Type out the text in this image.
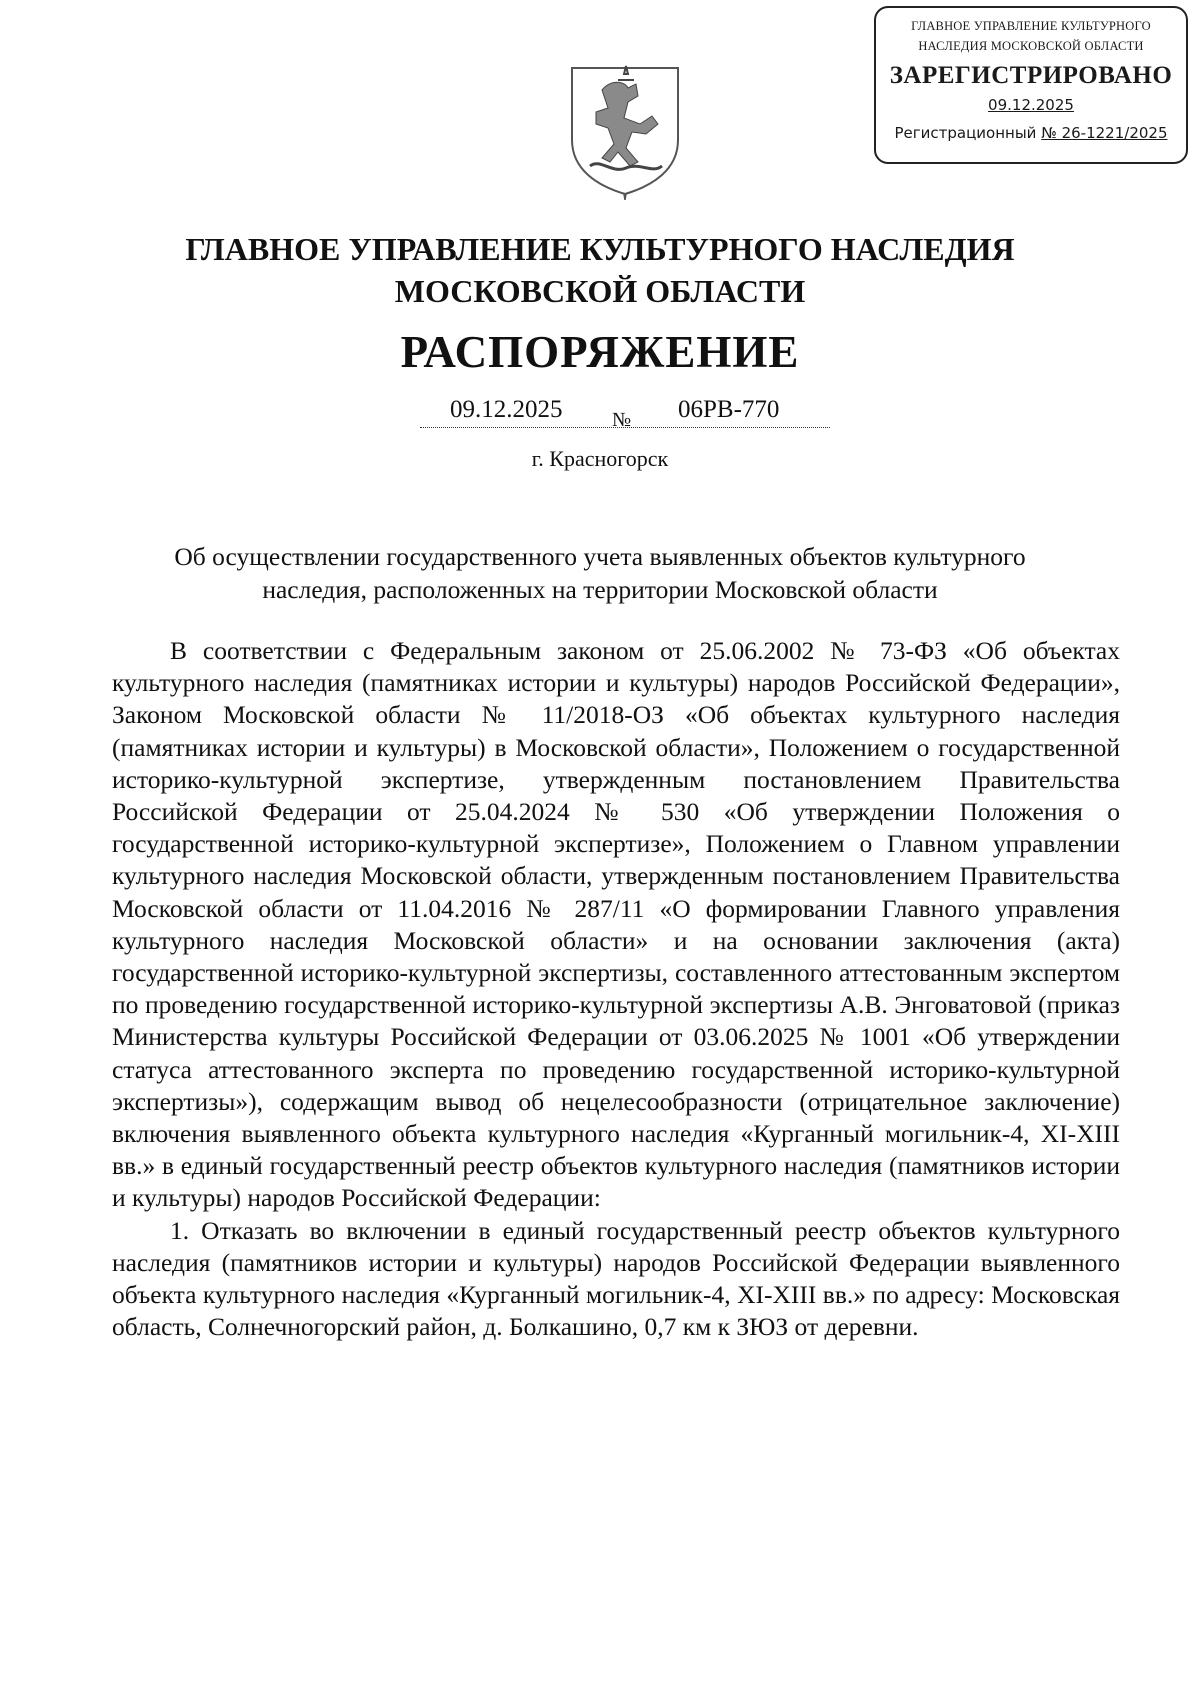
ГЛАВНОЕ УПРАВЛЕНИЕ КУЛЬТУРНОГО
НАСЛЕДИЯ МОСКОВСКОЙ ОБЛАСТИ
ЗАРЕГИСТРИРОВАНО
09.12.2025
Регистрационный № 26-1221/2025
ГЛАВНОЕ УПРАВЛЕНИЕ КУЛЬТУРНОГО НАСЛЕДИЯ
МОСКОВСКОЙ ОБЛАСТИ
РАСПОРЯЖЕНИЕ
09.12.2025 № 06РВ-770
г. Красногорск
Об осуществлении государственного учета выявленных объектов культурного наследия, расположенных на территории Московской области

В соответствии с Федеральным законом от 25.06.2002 № 73-ФЗ «Об объектах культурного наследия (памятниках истории и культуры) народов Российской Федерации», Законом Московской области № 11/2018-ОЗ «Об объектах культурного наследия (памятниках истории и культуры) в Московской области», Положением о государственной историко-культурной экспертизе, утвержденным постановлением Правительства Российской Федерации от 25.04.2024 № 530 «Об утверждении Положения о государственной историко-культурной экспертизе», Положением о Главном управлении культурного наследия Московской области, утвержденным постановлением Правительства Московской области от 11.04.2016 № 287/11 «О формировании Главного управления культурного наследия Московской области» и на основании заключения (акта) государственной историко-культурной экспертизы, составленного аттестованным экспертом по проведению государственной историко-культурной экспертизы А.В. Энговатовой (приказ Министерства культуры Российской Федерации от 03.06.2025 № 1001 «Об утверждении статуса аттестованного эксперта по проведению государственной историко-культурной экспертизы»), содержащим вывод об нецелесообразности (отрицательное заключение) включения выявленного объекта культурного наследия «Курганный могильник-4, XI-XIII вв.» в единый государственный реестр объектов культурного наследия (памятников истории и культуры) народов Российской Федерации:

1. Отказать во включении в единый государственный реестр объектов культурного наследия (памятников истории и культуры) народов Российской Федерации выявленного объекта культурного наследия «Курганный могильник-4, XI-XIII вв.» по адресу: Московская область, Солнечногорский район, д. Болкашино, 0,7 км к ЗЮЗ от деревни.
